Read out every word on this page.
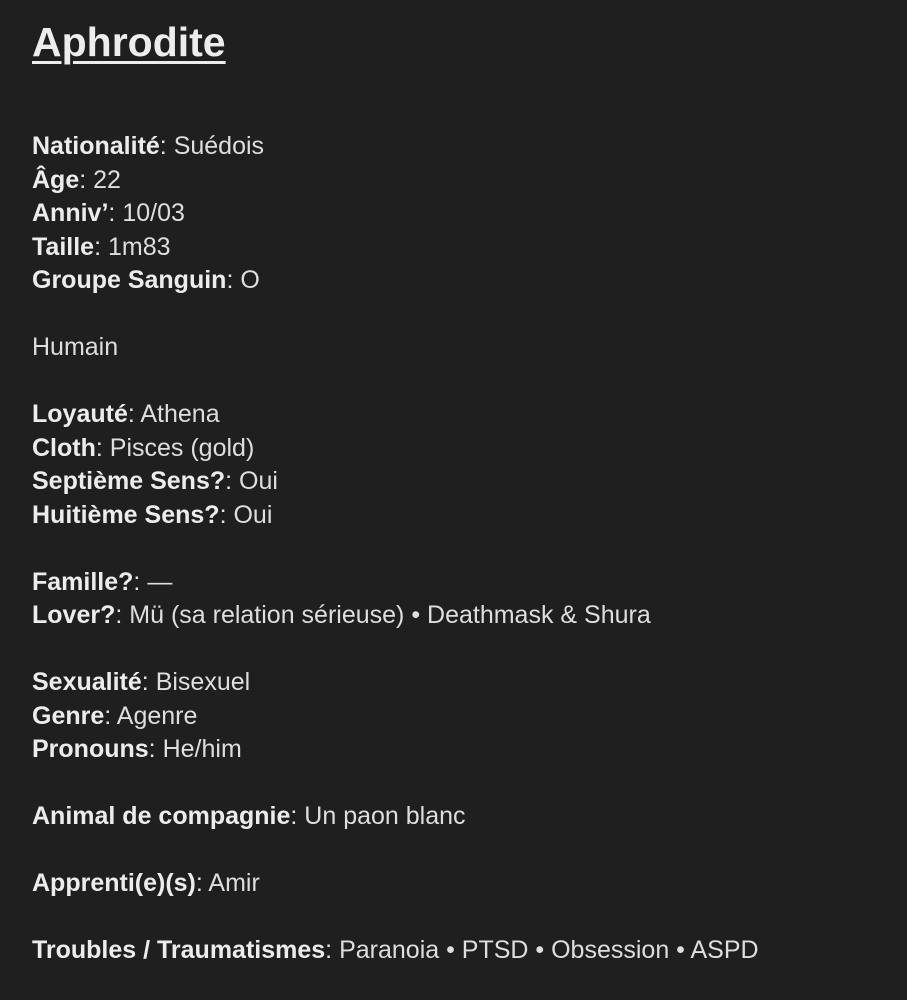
Aphrodite
Nationalité: Suédois
Âge: 22
Anniv’: 10/03
Taille: 1m83
Groupe Sanguin: O
Humain
Loyauté: Athena
Cloth: Pisces (gold)
Septième Sens?: Oui
Huitième Sens?: Oui
Famille?: —
Lover?: Mü (sa relation sérieuse) • Deathmask & Shura
Sexualité: Bisexuel
Genre: Agenre
Pronouns: He/him
Animal de compagnie: Un paon blanc
Apprenti(e)(s): Amir
Troubles / Traumatismes: Paranoia • PTSD • Obsession • ASPD
